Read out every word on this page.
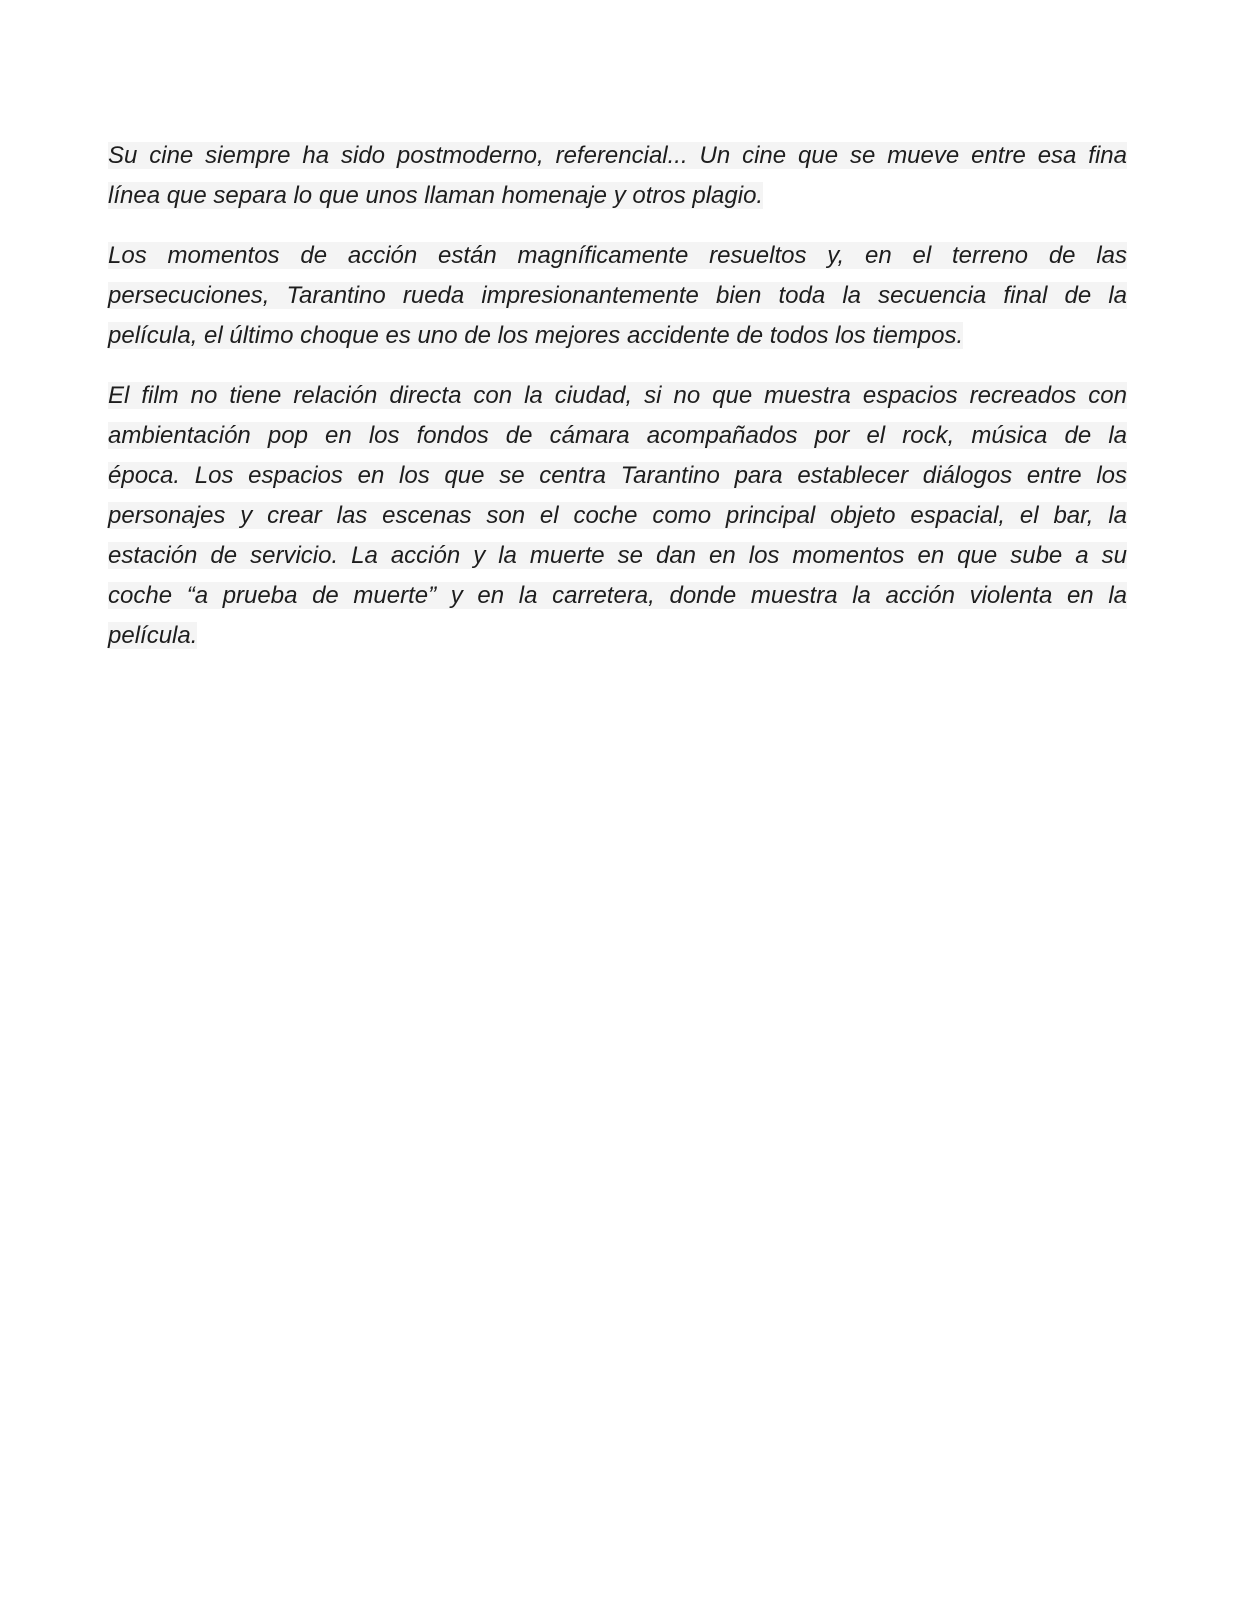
Su cine siempre ha sido postmoderno, referencial... Un cine que se mueve entre esa fina
línea que separa lo que unos llaman homenaje y otros plagio.
Los momentos de acción están magníficamente resueltos y, en el terreno de las
persecuciones, Tarantino rueda impresionantemente bien toda la secuencia final de la
película, el último choque es uno de los mejores accidente de todos los tiempos.
El film no tiene relación directa con la ciudad, si no que muestra espacios recreados con
ambientación pop en los fondos de cámara acompañados por el rock, música de la
época. Los espacios en los que se centra Tarantino para establecer diálogos entre los
personajes y crear las escenas son el coche como principal objeto espacial, el bar, la
estación de servicio. La acción y la muerte se dan en los momentos en que sube a su
coche “a prueba de muerte” y en la carretera, donde muestra la acción violenta en la
película.
